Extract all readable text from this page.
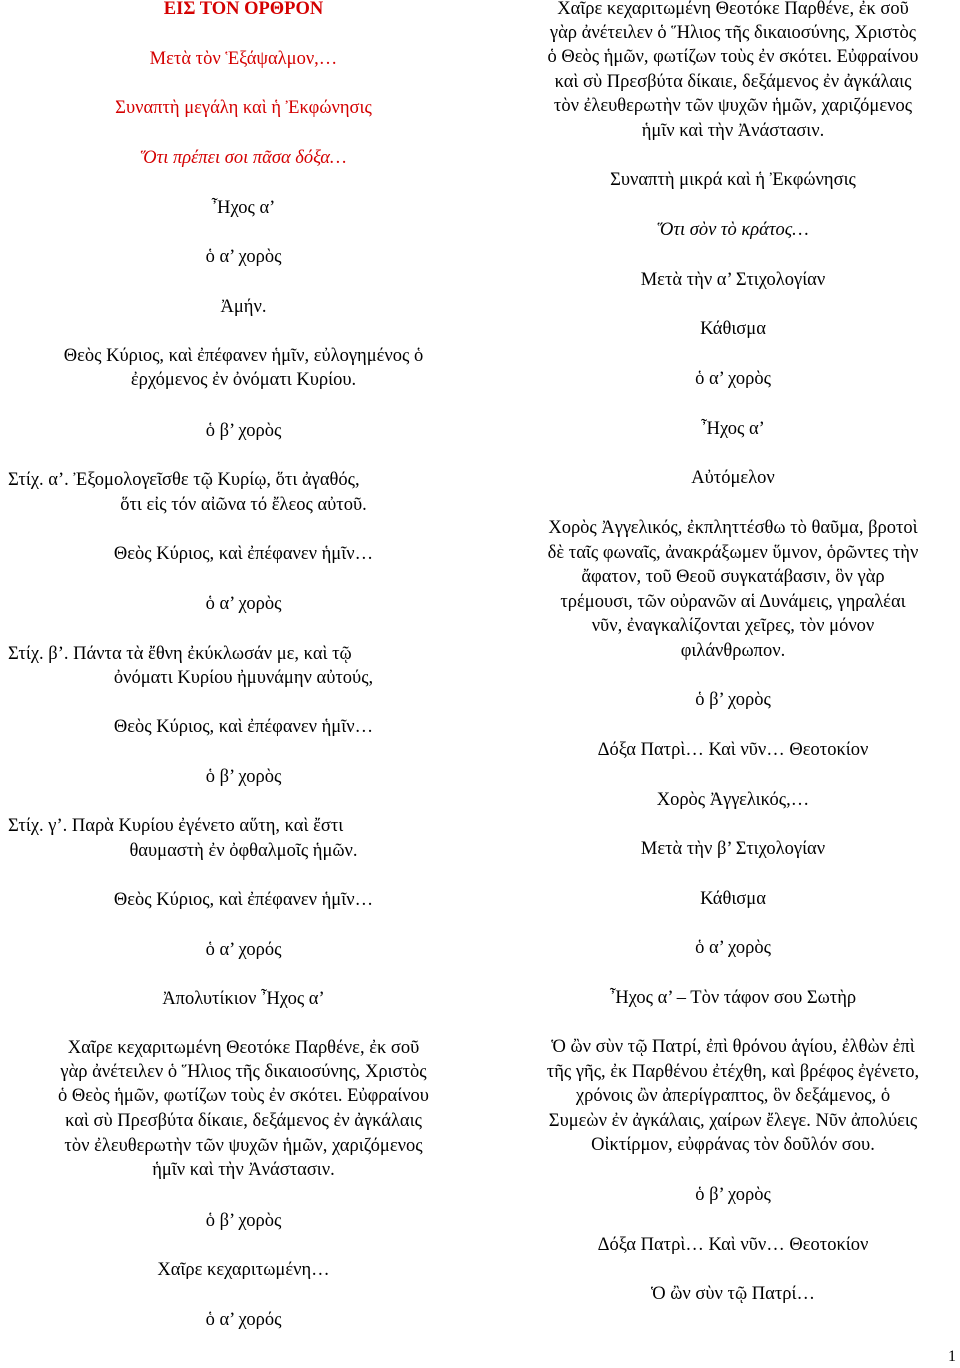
ΕΙΣ ΤΟΝ ΟΡΘΡΟΝ
Μετὰ τὸν Ἑξάψαλμον,…
Συναπτὴ μεγάλη καὶ ἡ Ἐκφώνησις
Ὅτι πρέπει σοι πᾶσα δόξα…
Ἦχος α’
ὁ α’ χορὸς
Ἀμήν.
Θεὸς Κύριος, καὶ ἐπέφανεν ἡμῖν, εὐλογημένος ὁ
ἐρχόμενος ἐν ὀνόματι Κυρίου.
ὁ β’ χορὸς
Στίχ. α’. Ἐξομολογεῖσθε τῷ Κυρίῳ, ὅτι ἀγαθός,
ὅτι εἰς τόν αἰῶνα τό ἔλεος αὐτοῦ.
Θεὸς Κύριος, καὶ ἐπέφανεν ἡμῖν…
ὁ α’ χορὸς
Στίχ. β’. Πάντα τὰ ἔθνη ἐκύκλωσάν με, καὶ τῷ
ὀνόματι Κυρίου ἠμυνάμην αὐτούς,
Θεὸς Κύριος, καὶ ἐπέφανεν ἡμῖν…
ὁ β’ χορὸς
Στίχ. γ’. Παρὰ Κυρίου ἐγένετο αὕτη, καὶ ἔστι
θαυμαστὴ ἐν ὀφθαλμοῖς ἡμῶν.
Θεὸς Κύριος, καὶ ἐπέφανεν ἡμῖν…
ὁ α’ χορός
Ἀπολυτίκιον Ἦχος α’
Χαῖρε κεχαριτωμένη Θεοτόκε Παρθένε, ἐκ σοῦ
γὰρ ἀνέτειλεν ὁ Ἥλιος τῆς δικαιοσύνης, Χριστὸς
ὁ Θεὸς ἡμῶν, φωτίζων τοὺς ἐν σκότει. Εὐφραίνου
καὶ σὺ Πρεσβύτα δίκαιε, δεξάμενος ἐν ἀγκάλαις
τὸν ἐλευθερωτὴν τῶν ψυχῶν ἡμῶν, χαριζόμενος
ἡμῖν καὶ τὴν Ἀνάστασιν.
ὁ β’ χορὸς
Χαῖρε κεχαριτωμένη…
ὁ α’ χορός
Χαῖρε κεχαριτωμένη Θεοτόκε Παρθένε, ἐκ σοῦ
γὰρ ἀνέτειλεν ὁ Ἥλιος τῆς δικαιοσύνης, Χριστὸς
ὁ Θεὸς ἡμῶν, φωτίζων τοὺς ἐν σκότει. Εὐφραίνου
καὶ σὺ Πρεσβύτα δίκαιε, δεξάμενος ἐν ἀγκάλαις
τὸν ἐλευθερωτὴν τῶν ψυχῶν ἡμῶν, χαριζόμενος
ἡμῖν καὶ τὴν Ἀνάστασιν.
Συναπτὴ μικρά καὶ ἡ Ἐκφώνησις
Ὅτι σὸν τὸ κράτος…
Μετὰ τὴν α’ Στιχολογίαν
Κάθισμα
ὁ α’ χορὸς
Ἦχος α’
Αὐτόμελον
Χορὸς Ἀγγελικός, ἐκπληττέσθω τὸ θαῦμα, βροτοὶ
δὲ ταῖς φωναῖς, ἀνακράξωμεν ὕμνον, ὁρῶντες τὴν
ἄφατον, τοῦ Θεοῦ συγκατάβασιν, ὃν γὰρ
τρέμουσι, τῶν οὐρανῶν αἱ Δυνάμεις, γηραλέαι
νῦν, ἐναγκαλίζονται χεῖρες, τὸν μόνον
φιλάνθρωπον.
ὁ β’ χορὸς
Δόξα Πατρὶ… Καὶ νῦν… Θεοτοκίον
Χορὸς Ἀγγελικός,…
Μετὰ τὴν β’ Στιχολογίαν
Κάθισμα
ὁ α’ χορὸς
Ἦχος α’ – Τὸν τάφον σου Σωτὴρ
Ὁ ὢν σὺν τῷ Πατρί, ἐπὶ θρόνου ἁγίου, ἐλθὼν ἐπὶ
τῆς γῆς, ἐκ Παρθένου ἐτέχθη, καὶ βρέφος ἐγένετο,
χρόνοις ὢν ἀπερίγραπτος, ὃν δεξάμενος, ὁ
Συμεὼν ἐν ἀγκάλαις, χαίρων ἔλεγε. Νῦν ἀπολύεις
Οἰκτίρμον, εὐφράνας τὸν δοῦλόν σου.
ὁ β’ χορὸς
Δόξα Πατρὶ… Καὶ νῦν… Θεοτοκίον
Ὁ ὢν σὺν τῷ Πατρί…
1
